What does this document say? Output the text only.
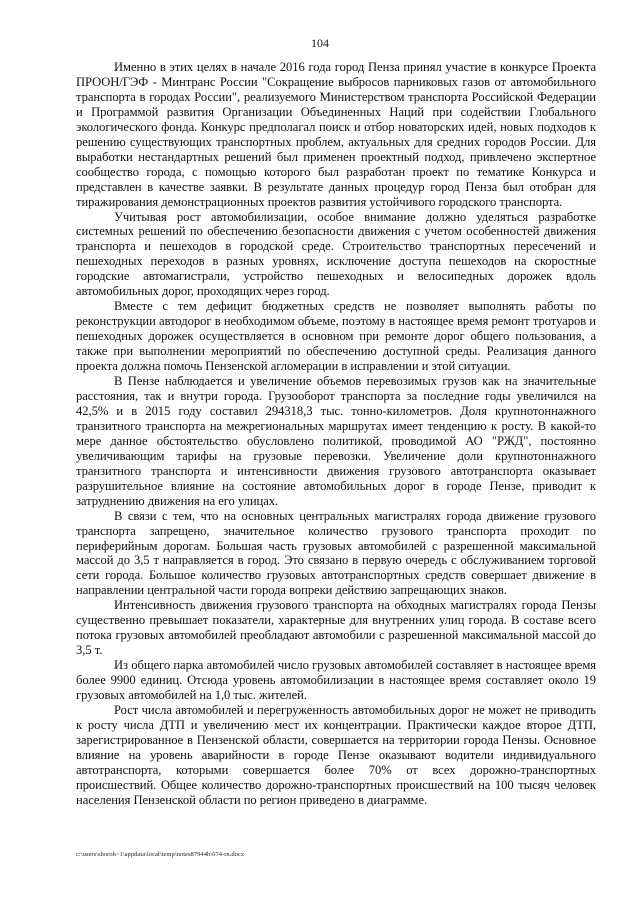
104

Именно в этих целях в начале 2016 года город Пенза принял участие в конкурсе Проекта ПРООН/ГЭФ - Минтранс России "Сокращение выбросов парниковых газов от автомобильного транспорта в городах России", реализуемого Министерством транспорта Российской Федерации и Программой развития Организации Объединенных Наций при содействии Глобального экологического фонда. Конкурс предполагал поиск и отбор новаторских идей, новых подходов к решению существующих транспортных проблем, актуальных для средних городов России. Для выработки нестандартных решений был применен проектный подход, привлечено экспертное сообщество города, с помощью которого был разработан проект по тематике Конкурса и представлен в качестве заявки. В результате данных процедур город Пенза был отобран для тиражирования демонстрационных проектов развития устойчивого городского транспорта.

Учитывая рост автомобилизации, особое внимание должно уделяться разработке системных решений по обеспечению безопасности движения с учетом особенностей движения транспорта и пешеходов в городской среде. Строительство транспортных пересечений и пешеходных переходов в разных уровнях, исключение доступа пешеходов на скоростные городские автомагистрали, устройство пешеходных и велосипедных дорожек вдоль автомобильных дорог, проходящих через город.

Вместе с тем дефицит бюджетных средств не позволяет выполнять работы по реконструкции автодорог в необходимом объеме, поэтому в настоящее время ремонт тротуаров и пешеходных дорожек осуществляется в основном при ремонте дорог общего пользования, а также при выполнении мероприятий по обеспечению доступной среды. Реализация данного проекта должна помочь Пензенской агломерации в исправлении и этой ситуации.

В Пензе наблюдается и увеличение объемов перевозимых грузов как на значительные расстояния, так и внутри города. Грузооборот транспорта за последние годы увеличился на 42,5% и в 2015 году составил 294318,3 тыс. тонно-километров. Доля крупнотоннажного транзитного транспорта на межрегиональных маршрутах имеет тенденцию к росту. В какой-то мере данное обстоятельство обусловлено политикой, проводимой АО "РЖД", постоянно увеличивающим тарифы на грузовые перевозки. Увеличение доли крупнотоннажного транзитного транспорта и интенсивности движения грузового автотранспорта оказывает разрушительное влияние на состояние автомобильных дорог в городе Пензе, приводит к затруднению движения на его улицах.

В связи с тем, что на основных центральных магистралях города движение грузового транспорта запрещено, значительное количество грузового транспорта проходит по периферийным дорогам. Большая часть грузовых автомобилей с разрешенной максимальной массой до 3,5 т направляется в город. Это связано в первую очередь с обслуживанием торговой сети города. Большое количество грузовых автотранспортных средств совершает движение в направлении центральной части города вопреки действию запрещающих знаков.

Интенсивность движения грузового транспорта на обходных магистралях города Пензы существенно превышает показатели, характерные для внутренних улиц города. В составе всего потока грузовых автомобилей преобладают автомобили с разрешенной максимальной массой до 3,5 т.

Из общего парка автомобилей число грузовых автомобилей составляет в настоящее время более 9900 единиц. Отсюда уровень автомобилизации в настоящее время составляет около 19 грузовых автомобилей на 1,0 тыс. жителей.

Рост числа автомобилей и перегруженность автомобильных дорог не может не приводить к росту числа ДТП и увеличению мест их концентрации. Практически каждое второе ДТП, зарегистрированное в Пензенской области, совершается на территории города Пензы. Основное влияние на уровень аварийности в городе Пензе оказывают водители индивидуального автотранспорта, которыми совершается более 70% от всех дорожно-транспортных происшествий. Общее количество дорожно-транспортных происшествий на 100 тысяч человек населения Пензенской области по регион приведено в диаграмме.

c:\users\shoroh~1\appdata\local\temp\notes87944b\674-rn.docx
